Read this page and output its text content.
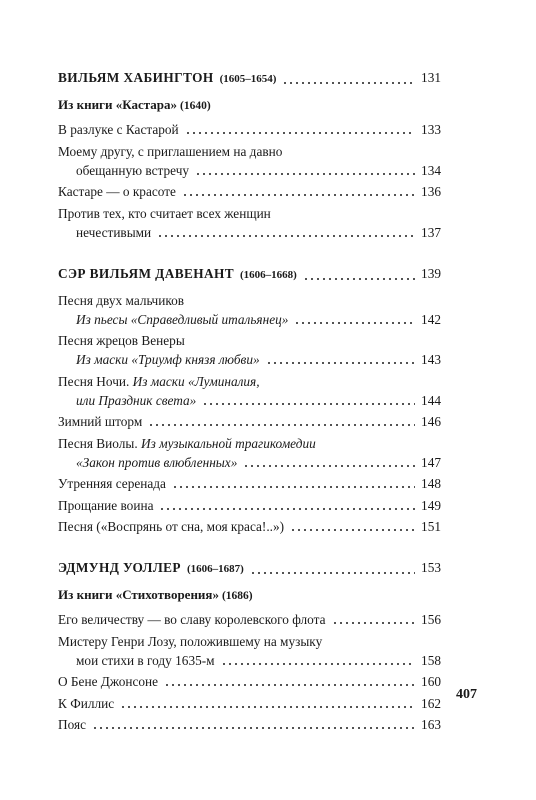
ВИЛЬЯМ ХАБИНГТОН (1605–1654)	131
Из книги «Кастара» (1640)
В разлуке с Кастарой	133
Моему другу, с приглашением на давно
обещанную встречу	134
Кастаре — о красоте	136
Против тех, кто считает всех женщин
нечестивыми	137
СЭР ВИЛЬЯМ ДАВЕНАНТ (1606–1668)	139
Песня двух мальчиков
Из пьесы «Справедливый итальянец»	142
Песня жрецов Венеры
Из маски «Триумф князя любви»	143
Песня Ночи. Из маски «Луминалия,
или Праздник света»	144
Зимний шторм	146
Песня Виолы. Из музыкальной трагикомедии
«Закон против влюбленных»	147
Утренняя серенада	148
Прощание воина	149
Песня («Воспрянь от сна, моя краса!..»)	151
ЭДМУНД УОЛЛЕР (1606–1687)	153
Из книги «Стихотворения» (1686)
Его величеству — во славу королевского флота	156
Мистеру Генри Лозу, положившему на музыку
мои стихи в году 1635-м	158
О Бене Джонсоне	160
К Филлис	162
Пояс	163
407
